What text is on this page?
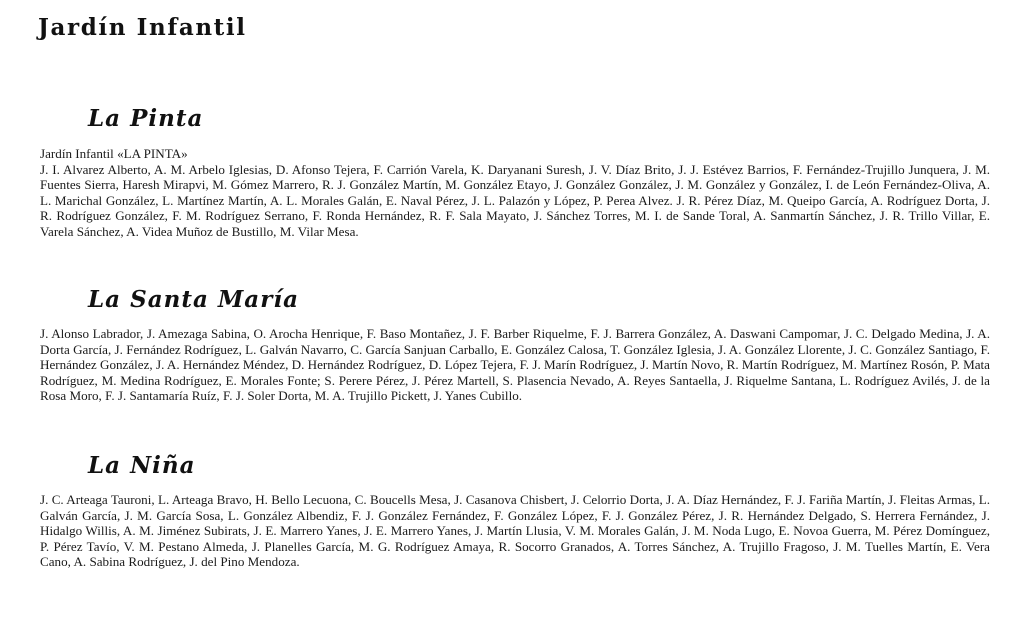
Jardín Infantil
La Pinta
Jardín Infantil «LA PINTA»
J. I. Alvarez Alberto, A. M. Arbelo Iglesias, D. Afonso Tejera, F. Carrión Varela, K. Daryanani Suresh, J. V. Díaz Brito, J. J. Estévez Barrios, F. Fernández-Trujillo Junquera, J. M. Fuentes Sierra, Haresh Mirapvi, M. Gómez Marrero, R. J. González Martín, M. González Etayo, J. González González, J. M. González y González, I. de León Fernández-Oliva, A. L. Marichal González, L. Martínez Martín, A. L. Morales Galán, E. Naval Pérez, J. L. Palazón y López, P. Perea Alvez. J. R. Pérez Díaz, M. Queipo García, A. Rodríguez Dorta, J. R. Rodríguez González, F. M. Rodríguez Serrano, F. Ronda Hernández, R. F. Sala Mayato, J. Sánchez Torres, M. I. de Sande Toral, A. Sanmartín Sánchez, J. R. Trillo Villar, E. Varela Sánchez, A. Videa Muñoz de Bustillo, M. Vilar Mesa.
La Santa María
J. Alonso Labrador, J. Amezaga Sabina, O. Arocha Henrique, F. Baso Montañez, J. F. Barber Riquelme, F. J. Barrera González, A. Daswani Campomar, J. C. Delgado Medina, J. A. Dorta García, J. Fernández Rodríguez, L. Galván Navarro, C. García Sanjuan Carballo, E. González Calosa, T. González Iglesia, J. A. González Llorente, J. C. González Santiago, F. Hernández González, J. A. Hernández Méndez, D. Hernández Rodríguez, D. López Tejera, F. J. Marín Rodríguez, J. Martín Novo, R. Martín Rodríguez, M. Martínez Rosón, P. Mata Rodríguez, M. Medina Rodríguez, E. Morales Fonte; S. Perere Pérez, J. Pérez Martell, S. Plasencia Nevado, A. Reyes Santaella, J. Riquelme Santana, L. Rodríguez Avilés, J. de la Rosa Moro, F. J. Santamaría Ruíz, F. J. Soler Dorta, M. A. Trujillo Pickett, J. Yanes Cubillo.
La Niña
J. C. Arteaga Tauroni, L. Arteaga Bravo, H. Bello Lecuona, C. Boucells Mesa, J. Casanova Chisbert, J. Celorrio Dorta, J. A. Díaz Hernández, F. J. Fariña Martín, J. Fleitas Armas, L. Galván García, J. M. García Sosa, L. González Albendiz, F. J. González Fernández, F. González López, F. J. González Pérez, J. R. Hernández Delgado, S. Herrera Fernández, J. Hidalgo Willis, A. M. Jiménez Subirats, J. E. Marrero Yanes, J. E. Marrero Yanes, J. Martín Llusia, V. M. Morales Galán, J. M. Noda Lugo, E. Novoa Guerra, M. Pérez Domínguez, P. Pérez Tavío, V. M. Pestano Almeda, J. Planelles García, M. G. Rodríguez Amaya, R. Socorro Granados, A. Torres Sánchez, A. Trujillo Fragoso, J. M. Tuelles Martín, E. Vera Cano, A. Sabina Rodríguez, J. del Pino Mendoza.
